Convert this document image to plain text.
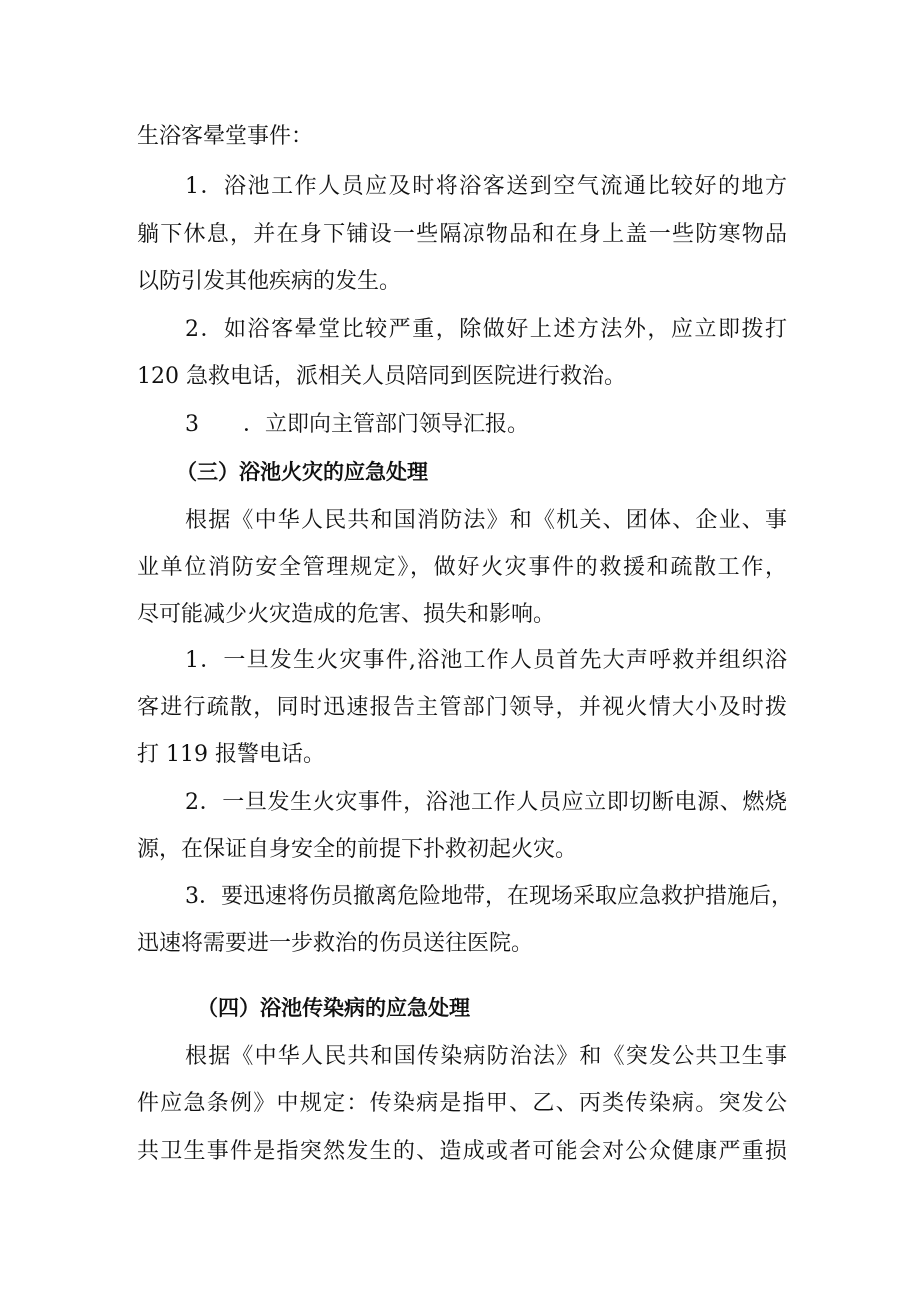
生浴客晕堂事件：
1．浴池工作人员应及时将浴客送到空气流通比较好的地方
躺下休息，并在身下铺设一些隔凉物品和在身上盖一些防寒物品
以防引发其他疾病的发生。
2．如浴客晕堂比较严重，除做好上述方法外，应立即拨打
120 急救电话，派相关人员陪同到医院进行救治。
3　　．立即向主管部门领导汇报。
（三）浴池火灾的应急处理
根据《中华人民共和国消防法》和《机关、团体、企业、事
业单位消防安全管理规定》，做好火灾事件的救援和疏散工作，
尽可能减少火灾造成的危害、损失和影响。
1．一旦发生火灾事件,浴池工作人员首先大声呼救并组织浴
客进行疏散，同时迅速报告主管部门领导，并视火情大小及时拨
打 119 报警电话。
2．一旦发生火灾事件，浴池工作人员应立即切断电源、燃烧
源，在保证自身安全的前提下扑救初起火灾。
3．要迅速将伤员撤离危险地带，在现场采取应急救护措施后，
迅速将需要进一步救治的伤员送往医院。
（四）浴池传染病的应急处理
根据《中华人民共和国传染病防治法》和《突发公共卫生事
件应急条例》中规定：传染病是指甲、乙、丙类传染病。突发公
共卫生事件是指突然发生的、造成或者可能会对公众健康严重损
